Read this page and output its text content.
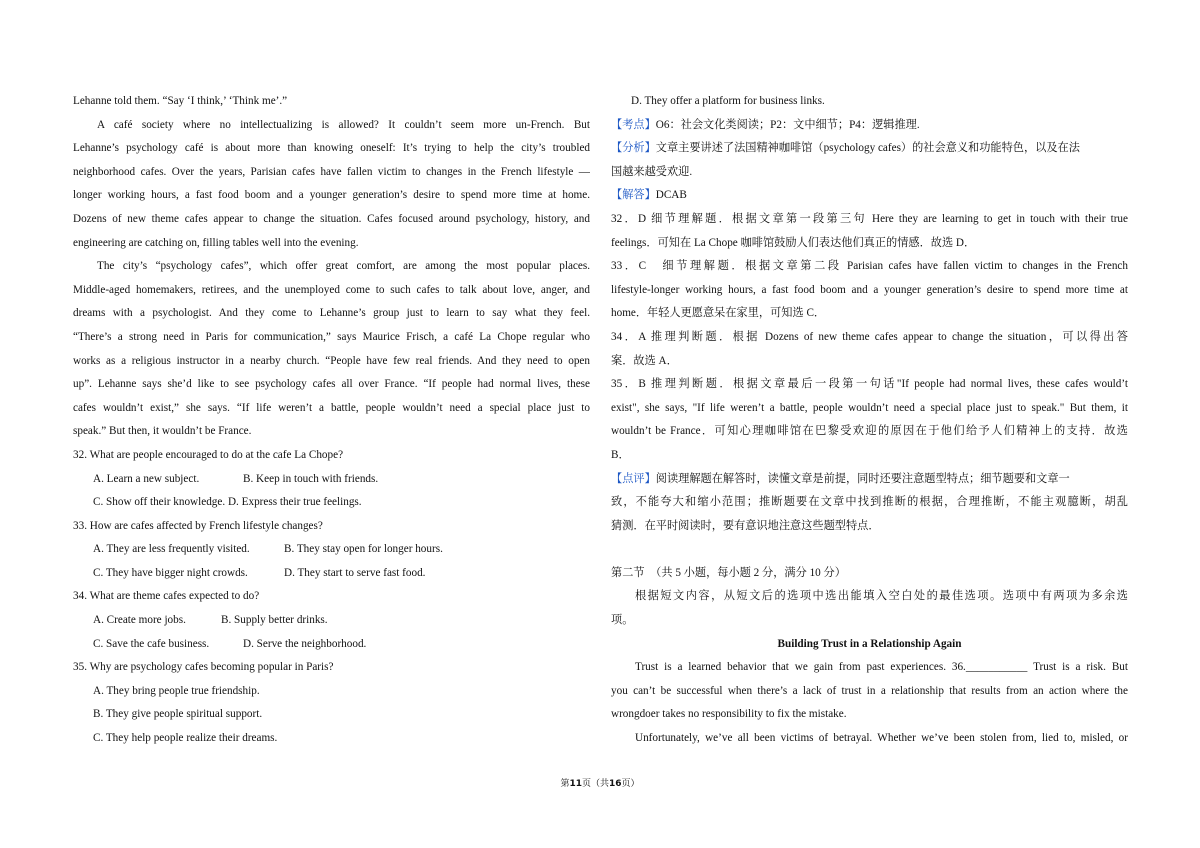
Lehanne told them. “Say ‘I think,’ ‘Think me’.”
A café society where no intellectualizing is allowed? It couldn’t seem more un-French. But
Lehanne’s psychology café is about more than knowing oneself: It’s trying to help the city’s troubled
neighborhood cafes. Over the years, Parisian cafes have fallen victim to changes in the French lifestyle —
longer working hours, a fast food boom and a younger generation’s desire to spend more time at home.
Dozens of new theme cafes appear to change the situation. Cafes focused around psychology, history, and
engineering are catching on, filling tables well into the evening.
The city’s “psychology cafes”, which offer great comfort, are among the most popular places.
Middle-aged homemakers, retirees, and the unemployed come to such cafes to talk about love, anger, and
dreams with a psychologist. And they come to Lehanne’s group just to learn to say what they feel.
“There’s a strong need in Paris for communication,” says Maurice Frisch, a café La Chope regular who
works as a religious instructor in a nearby church. “People have few real friends. And they need to open
up”. Lehanne says she’d like to see psychology cafes all over France. “If people had normal lives, these
cafes wouldn’t exist,” she says. “If life weren’t a battle, people wouldn’t need a special place just to
speak.” But then, it wouldn’t be France.
32. What are people encouraged to do at the cafe La Chope?
A. Learn a new subject.	B. Keep in touch with friends.
C. Show off their knowledge. D. Express their true feelings.
33. How are cafes affected by French lifestyle changes?
A. They are less frequently visited.	B. They stay open for longer hours.
C. They have bigger night crowds.	D. They start to serve fast food.
34. What are theme cafes expected to do?
A. Create more jobs.	B. Supply better drinks.
C. Save the cafe business.	D. Serve the neighborhood.
35. Why are psychology cafes becoming popular in Paris?
A. They bring people true friendship.
B. They give people spiritual support.
C. They help people realize their dreams.
D. They offer a platform for business links.
【考点】O6：社会文化类阅读；P2：文中细节；P4：逻辑推理.
【分析】文章主要讲述了法国精神咖啡馆（psychology cafes）的社会意义和功能特色，以及在法
国越来越受欢迎.
【解答】DCAB
32．D 细节理解题．根据文章第一段第三句 Here they are learning to get in touch with their true
feelings．可知在 La Chope 咖啡馆鼓励人们表达他们真正的情感．故选 D．
33．C　细节理解题．根据文章第二段 Parisian cafes have fallen victim to changes in the French
lifestyle-longer working hours, a fast food boom and a younger generation’s desire to spend more time at
home．年轻人更愿意呆在家里，可知选 C．
34．A 推理判断题．根据 Dozens of new theme cafes appear to change the situation，可以得出答
案．故选 A．
35．B 推理判断题．根据文章最后一段第一句话"If people had normal lives, these cafes would’t
exist", she says, "If life weren’t a battle, people wouldn’t need a special place just to speak." But them, it
wouldn’t be France．可知心理咖啡馆在巴黎受欢迎的原因在于他们给予人们精神上的支持．故选
B．
【点评】阅读理解题在解答时，读懂文章是前提，同时还要注意题型特点；细节题要和文章一
致，不能夸大和缩小范围；推断题要在文章中找到推断的根据，合理推断，不能主观臆断，胡乱
猜测．在平时阅读时，要有意识地注意这些题型特点．
第二节　（共 5 小题，每小题 2 分，满分 10 分）
根据短文内容，从短文后的选项中选出能填入空白处的最佳选项。选项中有两项为多余选
项。
Building Trust in a Relationship Again
Trust is a learned behavior that we gain from past experiences. 36.___________ Trust is a risk. But
you can’t be successful when there’s a lack of trust in a relationship that results from an action where the
wrongdoer takes no responsibility to fix the mistake.
Unfortunately, we’ve all been victims of betrayal. Whether we’ve been stolen from, lied to, misled, or
第11页（共16页）
